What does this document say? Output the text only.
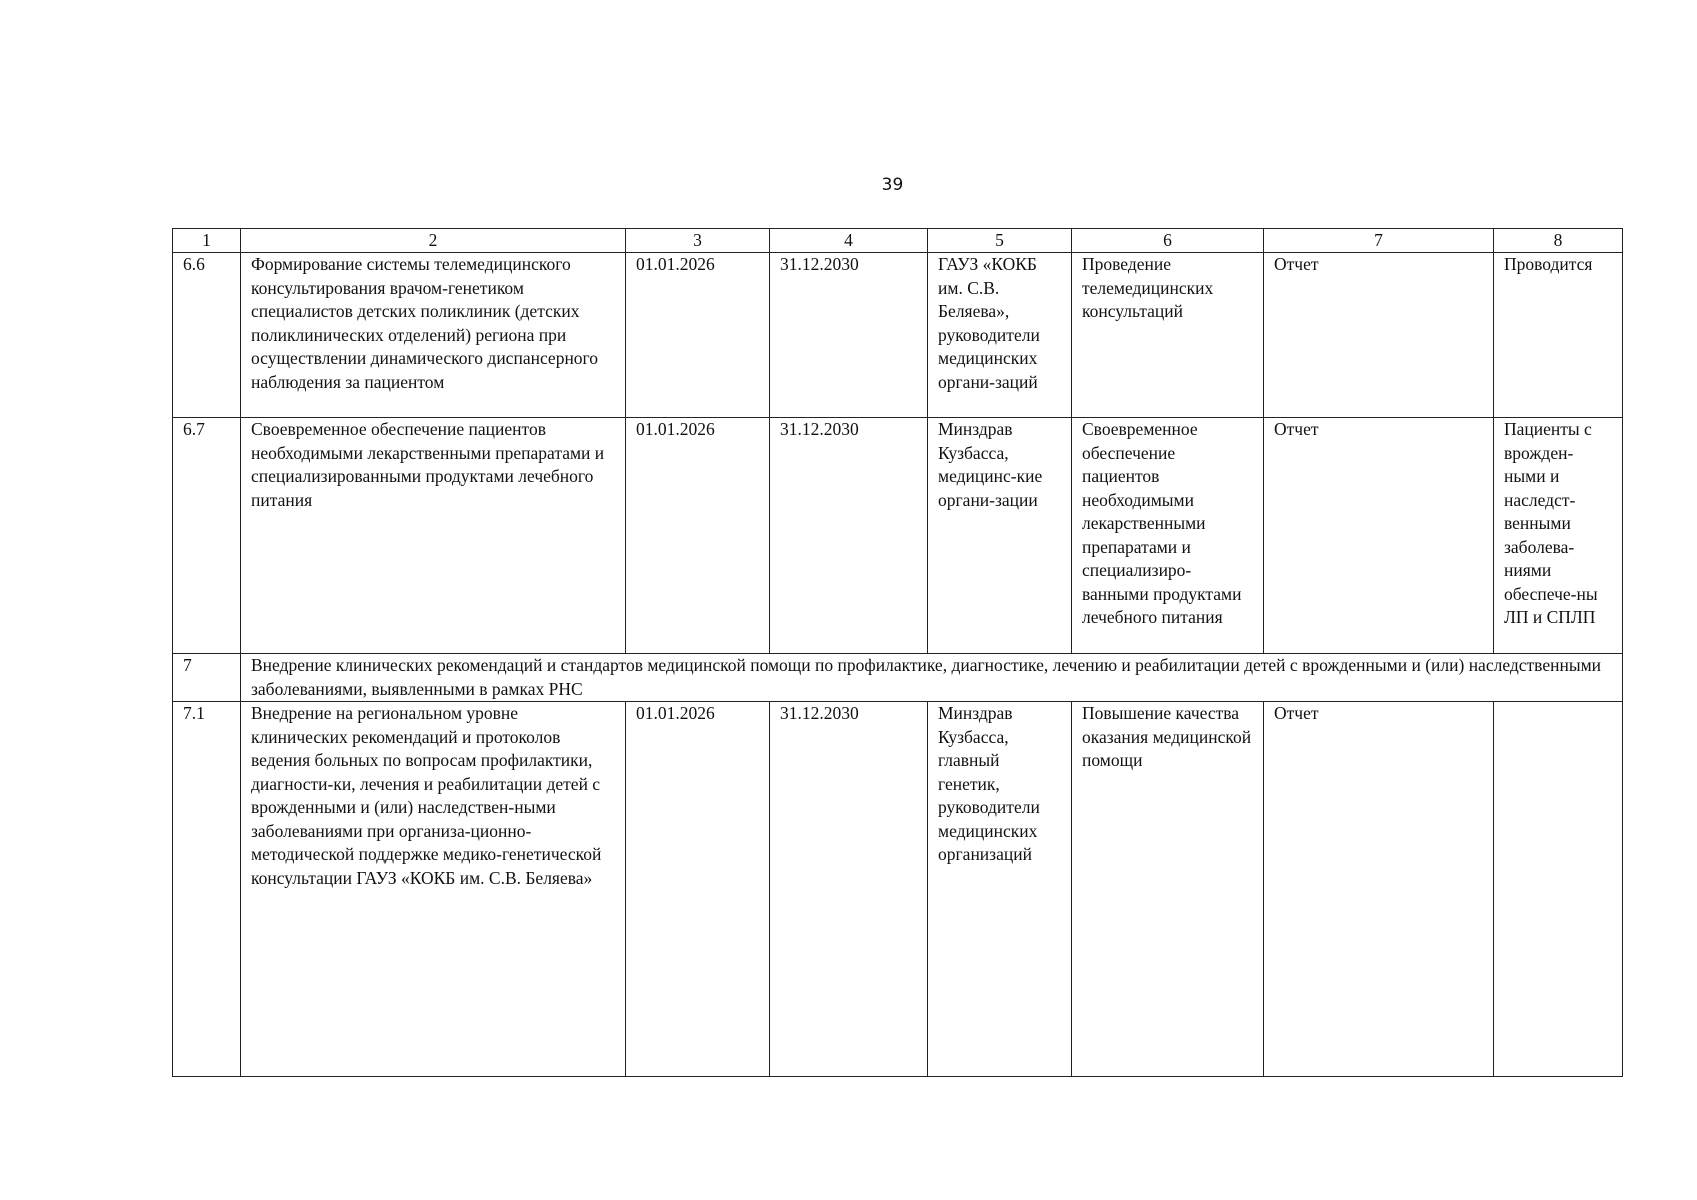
39
1	2	3	4	5	6	7	8
6.6	Формирование системы телемедицинского консультирования врачом-генетиком специалистов детских поликлиник (детских поликлинических отделений) региона при осуществлении динамического диспансерного наблюдения за пациентом	01.01.2026	31.12.2030	ГАУЗ «КОКБ им. С.В. Беляева», руководители медицинских органи-заций	Проведение телемедицинских консультаций	Отчет	Проводится
6.7	Своевременное обеспечение пациентов необходимыми лекарственными препаратами и специализированными продуктами лечебного питания	01.01.2026	31.12.2030	Минздрав Кузбасса, медицинс-кие органи-зации	Своевременное обеспечение пациентов необходимыми лекарственными препаратами и специализиро-ванными продуктами лечебного питания	Отчет	Пациенты с врожден-ными и наследст-венными заболева-ниями обеспече-ны ЛП и СПЛП
7	Внедрение клинических рекомендаций и стандартов медицинской помощи по профилактике, диагностике, лечению и реабилитации детей с врожденными и (или) наследственными заболеваниями, выявленными в рамках РНС						
7.1	Внедрение на региональном уровне клинических рекомендаций и протоколов ведения больных по вопросам профилактики, диагности-ки, лечения и реабилитации детей с врожденными и (или) наследствен-ными заболеваниями при организа-ционно-методической поддержке медико-генетической консультации ГАУЗ «КОКБ им. С.В. Беляева»	01.01.2026	31.12.2030	Минздрав Кузбасса, главный генетик, руководители медицинских организаций	Повышение качества оказания медицинской помощи	Отчет	
